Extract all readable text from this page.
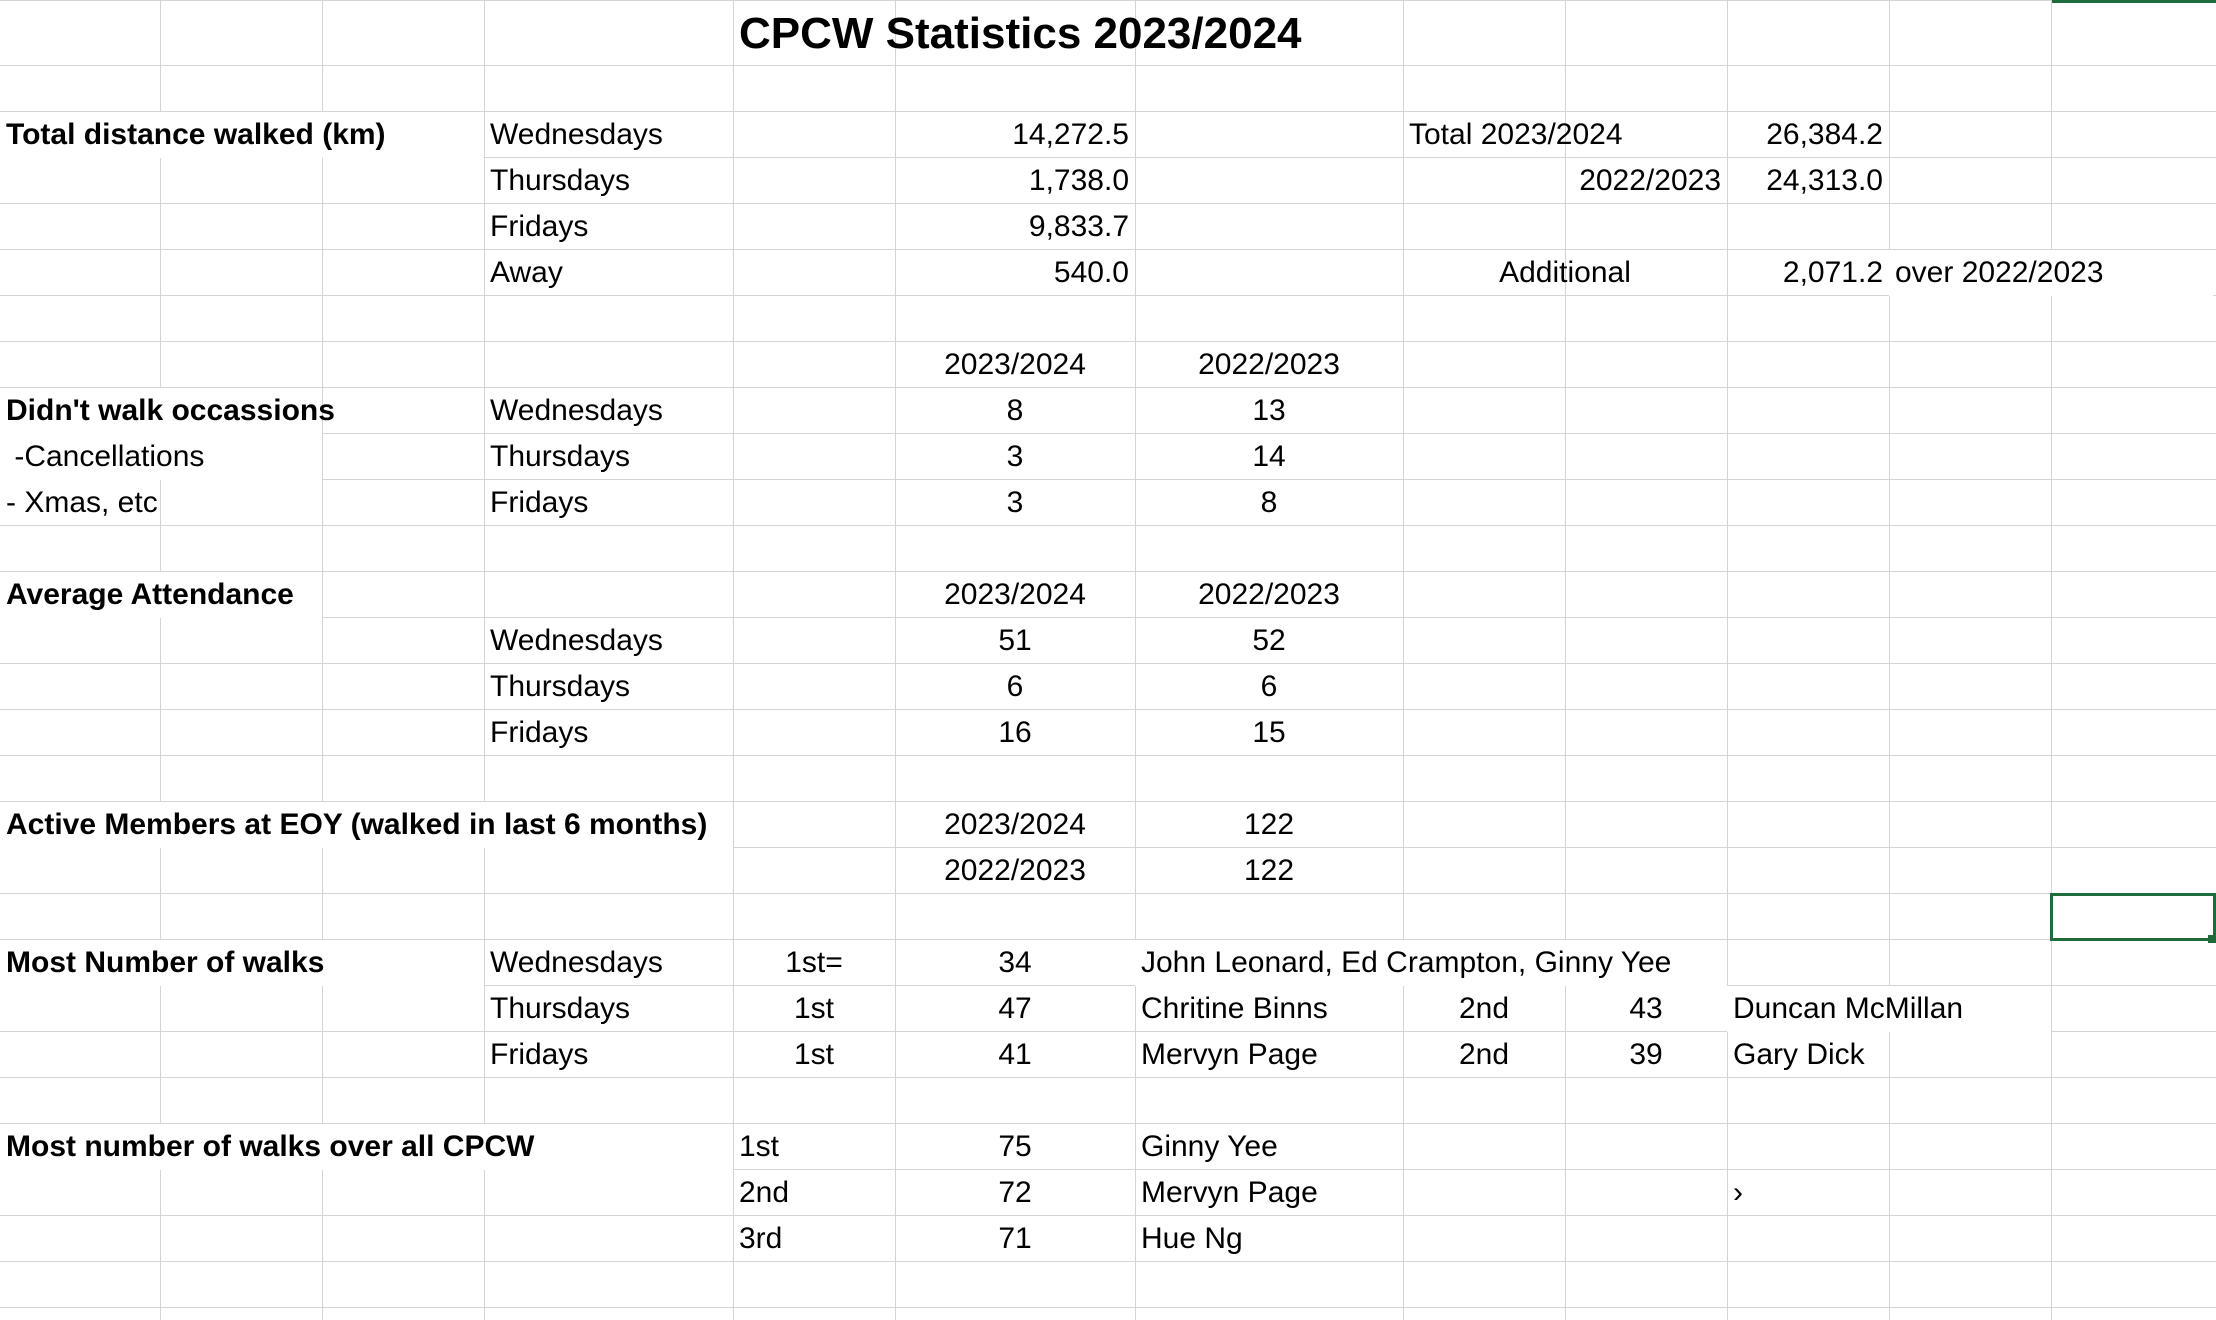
CPCW Statistics 2023/2024
Total distance walked (km)	Wednesdays	14,272.5	Total 2023/2024	26,384.2
Thursdays	1,738.0	2022/2023	24,313.0
Fridays	9,833.7
Away	540.0	Additional	2,071.2 over 2022/2023
2023/2024	2022/2023
Didn't walk occassions	Wednesdays	8	13
-Cancellations	Thursdays	3	14
- Xmas, etc	Fridays	3	8
Average Attendance	2023/2024	2022/2023
Wednesdays	51	52
Thursdays	6	6
Fridays	16	15
Active Members at EOY (walked in last 6 months)	2023/2024	122
2022/2023	122
Most Number of walks	Wednesdays	1st=	34	John Leonard, Ed Crampton, Ginny Yee
Thursdays	1st	47	Chritine Binns	2nd	43	Duncan McMillan
Fridays	1st	41	Mervyn Page	2nd	39	Gary Dick
Most number of walks over all CPCW	1st	75	Ginny Yee
2nd	72	Mervyn Page	›
3rd	71	Hue Ng
